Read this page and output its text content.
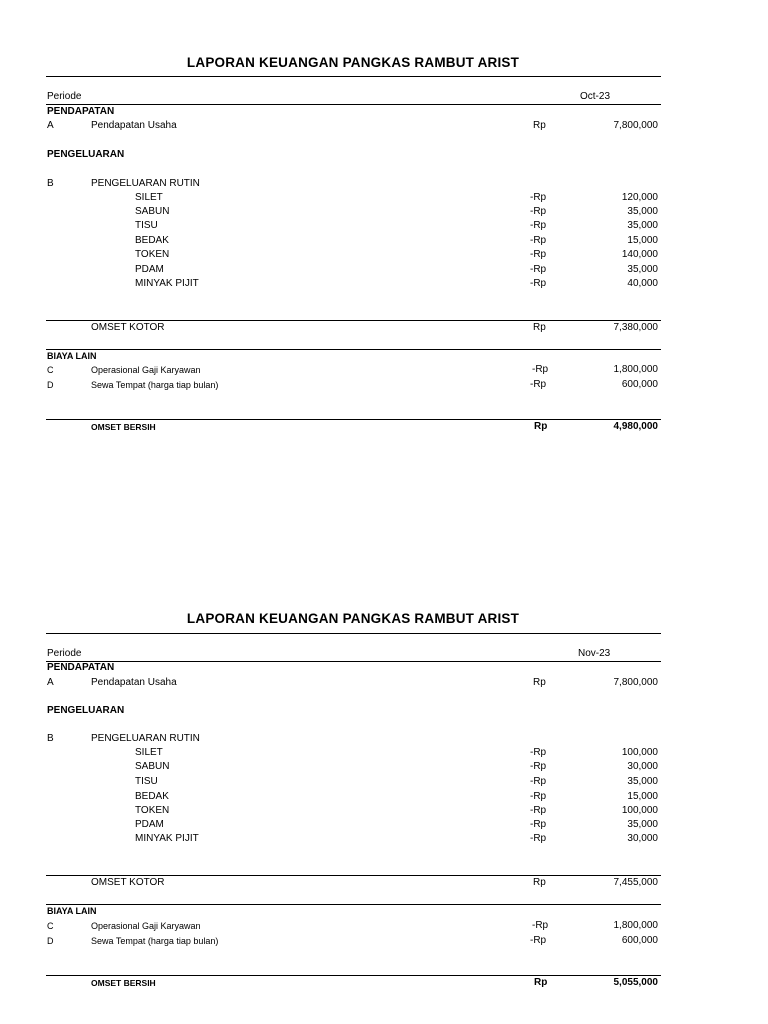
LAPORAN KEUANGAN PANGKAS RAMBUT ARIST
Periode	Oct-23
PENDAPATAN
A	Pendapatan Usaha	Rp	7,800,000
PENGELUARAN
B	PENGELUARAN RUTIN
SILET	-Rp	120,000
SABUN	-Rp	35,000
TISU	-Rp	35,000
BEDAK	-Rp	15,000
TOKEN	-Rp	140,000
PDAM	-Rp	35,000
MINYAK PIJIT	-Rp	40,000
OMSET KOTOR	Rp	7,380,000
BIAYA LAIN
C	Operasional Gaji Karyawan	-Rp	1,800,000
D	Sewa Tempat (harga tiap bulan)	-Rp	600,000
OMSET BERSIH	Rp	4,980,000
LAPORAN KEUANGAN PANGKAS RAMBUT ARIST
Periode	Nov-23
PENDAPATAN
A	Pendapatan Usaha	Rp	7,800,000
PENGELUARAN
B	PENGELUARAN RUTIN
SILET	-Rp	100,000
SABUN	-Rp	30,000
TISU	-Rp	35,000
BEDAK	-Rp	15,000
TOKEN	-Rp	100,000
PDAM	-Rp	35,000
MINYAK PIJIT	-Rp	30,000
OMSET KOTOR	Rp	7,455,000
BIAYA LAIN
C	Operasional Gaji Karyawan	-Rp	1,800,000
D	Sewa Tempat (harga tiap bulan)	-Rp	600,000
OMSET BERSIH	Rp	5,055,000
